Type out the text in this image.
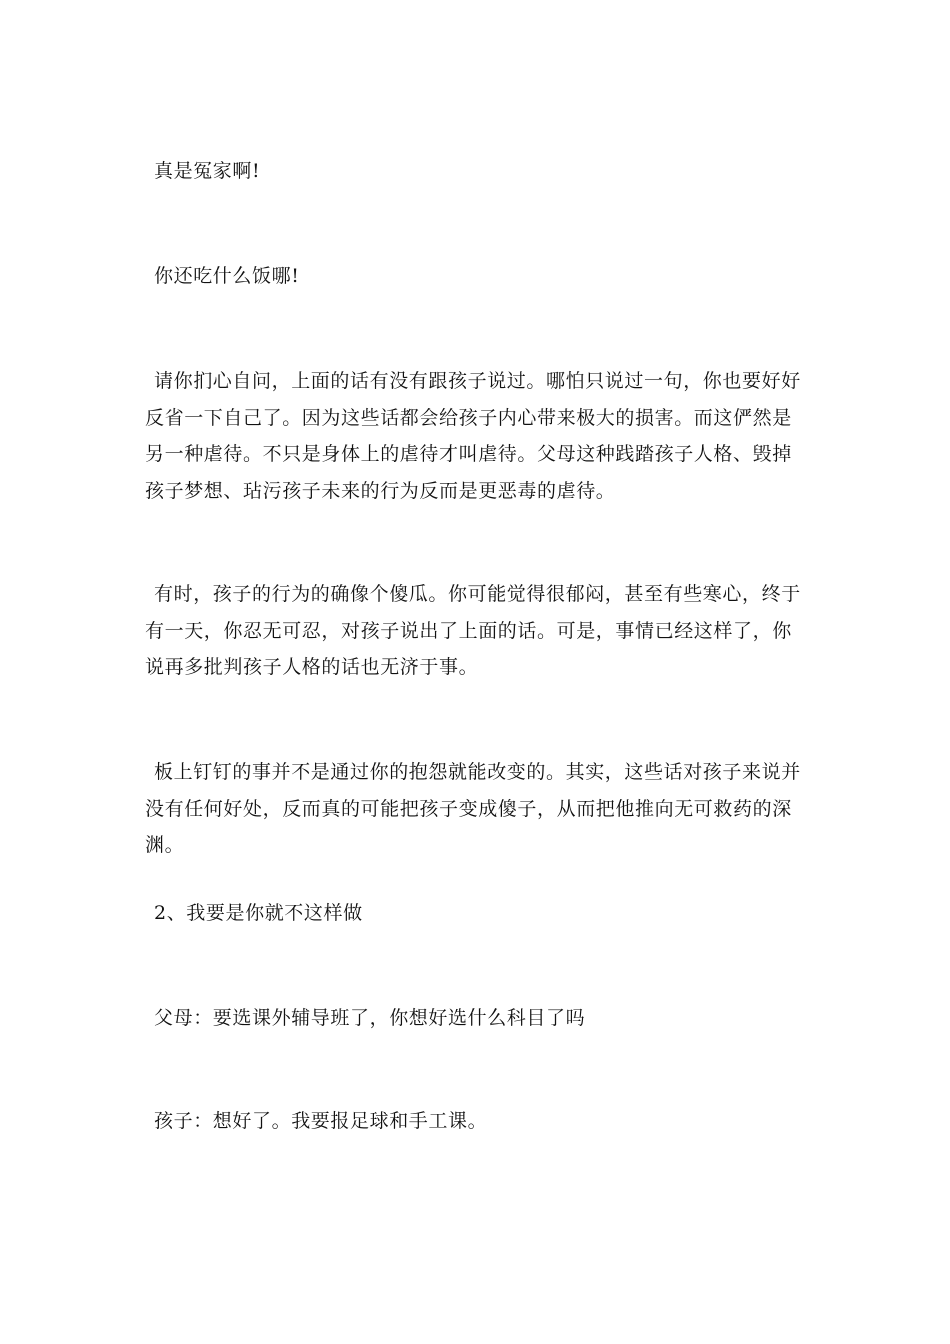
真是冤家啊!

你还吃什么饭哪!

请你扪心自问，上面的话有没有跟孩子说过。哪怕只说过一句，你也要好好反省一下自己了。因为这些话都会给孩子内心带来极大的损害。而这俨然是另一种虐待。不只是身体上的虐待才叫虐待。父母这种践踏孩子人格、毁掉孩子梦想、玷污孩子未来的行为反而是更恶毒的虐待。

有时，孩子的行为的确像个傻瓜。你可能觉得很郁闷，甚至有些寒心，终于有一天，你忍无可忍，对孩子说出了上面的话。可是，事情已经这样了，你说再多批判孩子人格的话也无济于事。

板上钉钉的事并不是通过你的抱怨就能改变的。其实，这些话对孩子来说并没有任何好处，反而真的可能把孩子变成傻子，从而把他推向无可救药的深渊。

2、我要是你就不这样做

父母：要选课外辅导班了，你想好选什么科目了吗

孩子：想好了。我要报足球和手工课。
